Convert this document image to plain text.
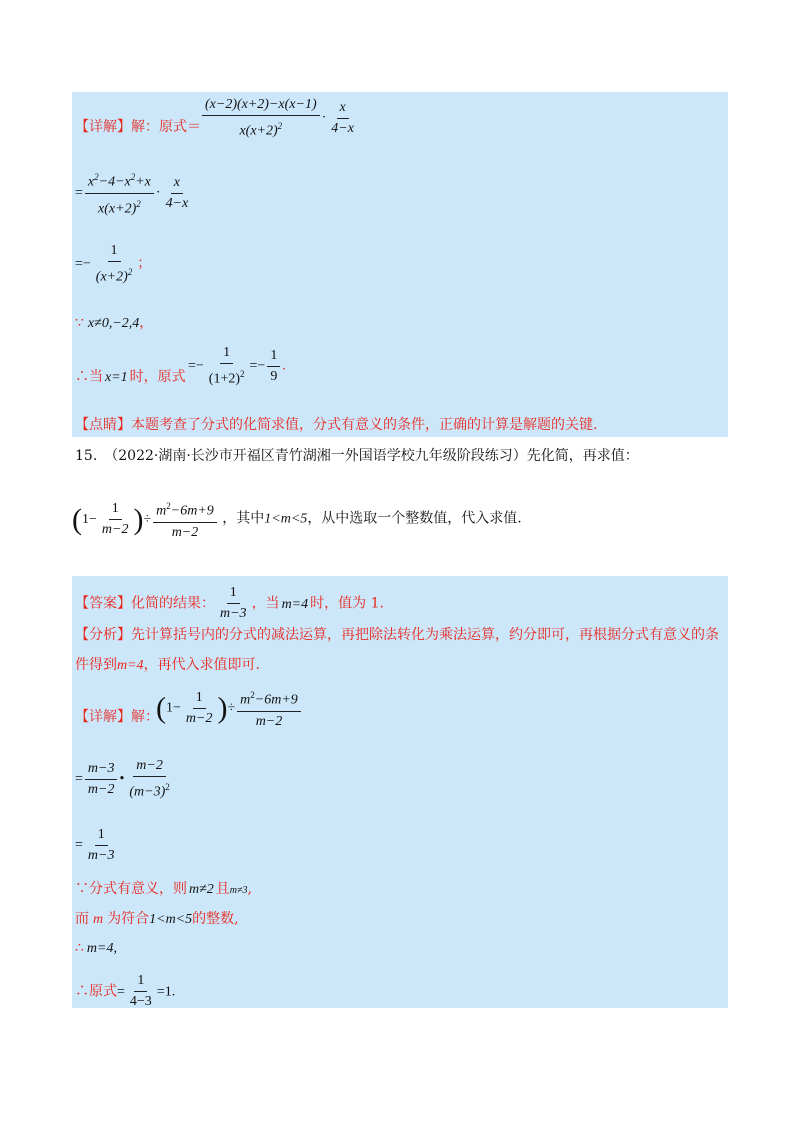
【详解】解：原式＝ $\frac{(x-2)(x+2)-x(x-1)}{x(x+2)^2} \cdot \frac{x}{4-x}$
= $\frac{x^2-4-x^2+x}{x(x+2)^2} \cdot \frac{x}{4-x}$
=− $\frac{1}{(x+2)^2}$ ；
∵ x≠0,−2,4，
∴当 x=1 时，原式
=− $\frac{1}{(1+2)^2} =- \frac{1}{9}$ .
【点睛】本题考查了分式的化简求值，分式有意义的条件，正确的计算是解题的关键.
15.　（2022·湖南·长沙市开福区青竹湖湘一外国语学校九年级阶段练习）先化简，再求值：
($1- \frac{1}{m-2}$ )÷ $\frac{m^2-6m+9}{m-2}$ ，其中1<m<5，从中选取一个整数值，代入求值.
【答案】化简的结果： $\frac{1}{m-3}$ ，当 m=4 时，值为 1.
【分析】先计算括号内的分式的减法运算，再把除法转化为乘法运算，约分即可，再根据分式有意义的条
件得到m=4，再代入求值即可.
【详解】解：
($1- \frac{1}{m-2}$ )÷ $\frac{m^2-6m+9}{m-2}$
= $\frac{m-3}{m-2}$ • $\frac{m-2}{(m-3)^2}$
= $\frac{1}{m-3}$
∵分式有意义，则 m≠2 且m≠3,
而 m 为符合1<m<5的整数,
∴ m=4,
∴原式= $\frac{1}{4-3} =1$.
